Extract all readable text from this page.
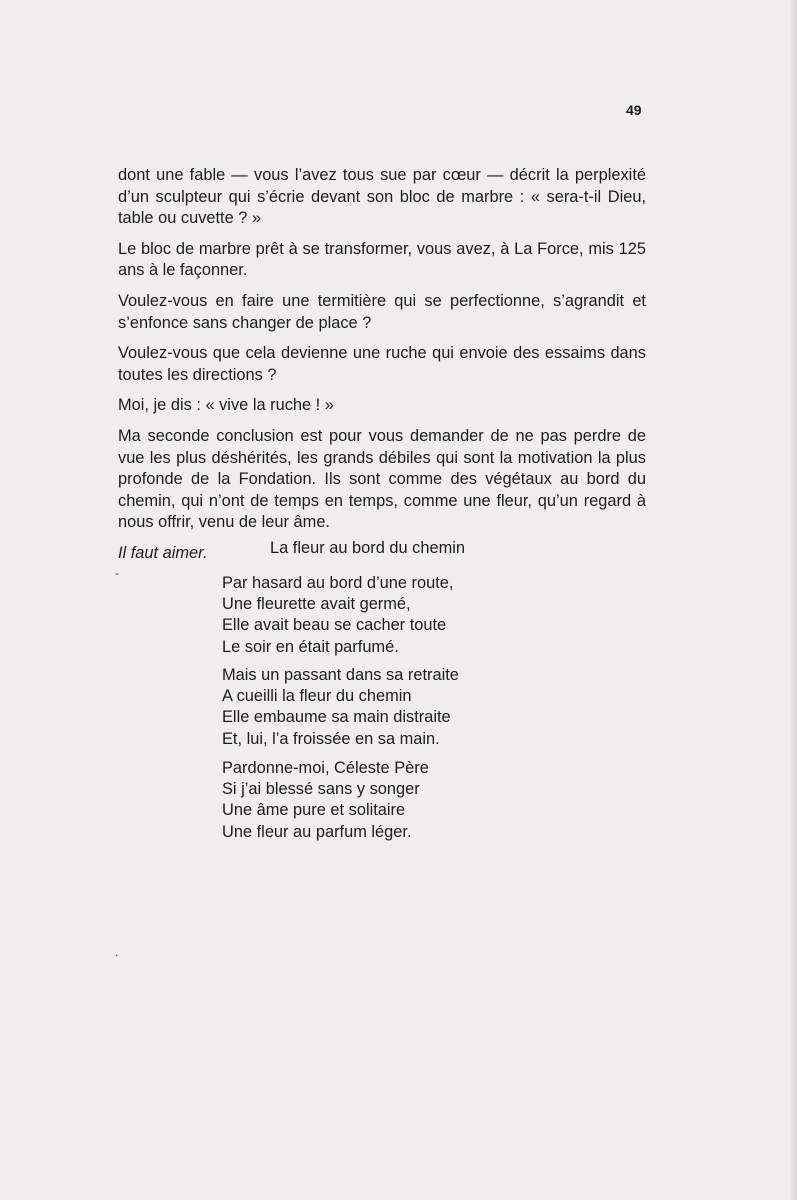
49

dont une fable — vous l’avez tous sue par cœur — décrit la perplexité d’un sculpteur qui s’écrie devant son bloc de marbre : « sera-t-il Dieu, table ou cuvette ? »

Le bloc de marbre prêt à se transformer, vous avez, à La Force, mis 125 ans à le façonner.

Voulez-vous en faire une termitière qui se perfectionne, s’agrandit et s’enfonce sans changer de place ?

Voulez-vous que cela devienne une ruche qui envoie des essaims dans toutes les directions ?

Moi, je dis : « vive la ruche ! »

Ma seconde conclusion est pour vous demander de ne pas perdre de vue les plus déshérités, les grands débiles qui sont la motivation la plus profonde de la Fondation. Ils sont comme des végétaux au bord du chemin, qui n’ont de temps en temps, comme une fleur, qu’un regard à nous offrir, venu de leur âme.

Il faut aimer.	La fleur au bord du chemin
-

Par hasard au bord d’une route,
Une fleurette avait germé,
Elle avait beau se cacher toute
Le soir en était parfumé.

Mais un passant dans sa retraite
A cueilli la fleur du chemin
Elle embaume sa main distraite
Et, lui, l’a froissée en sa main.

Pardonne-moi, Céleste Père
Si j’ai blessé sans y songer
Une âme pure et solitaire
Une fleur au parfum léger.

.
